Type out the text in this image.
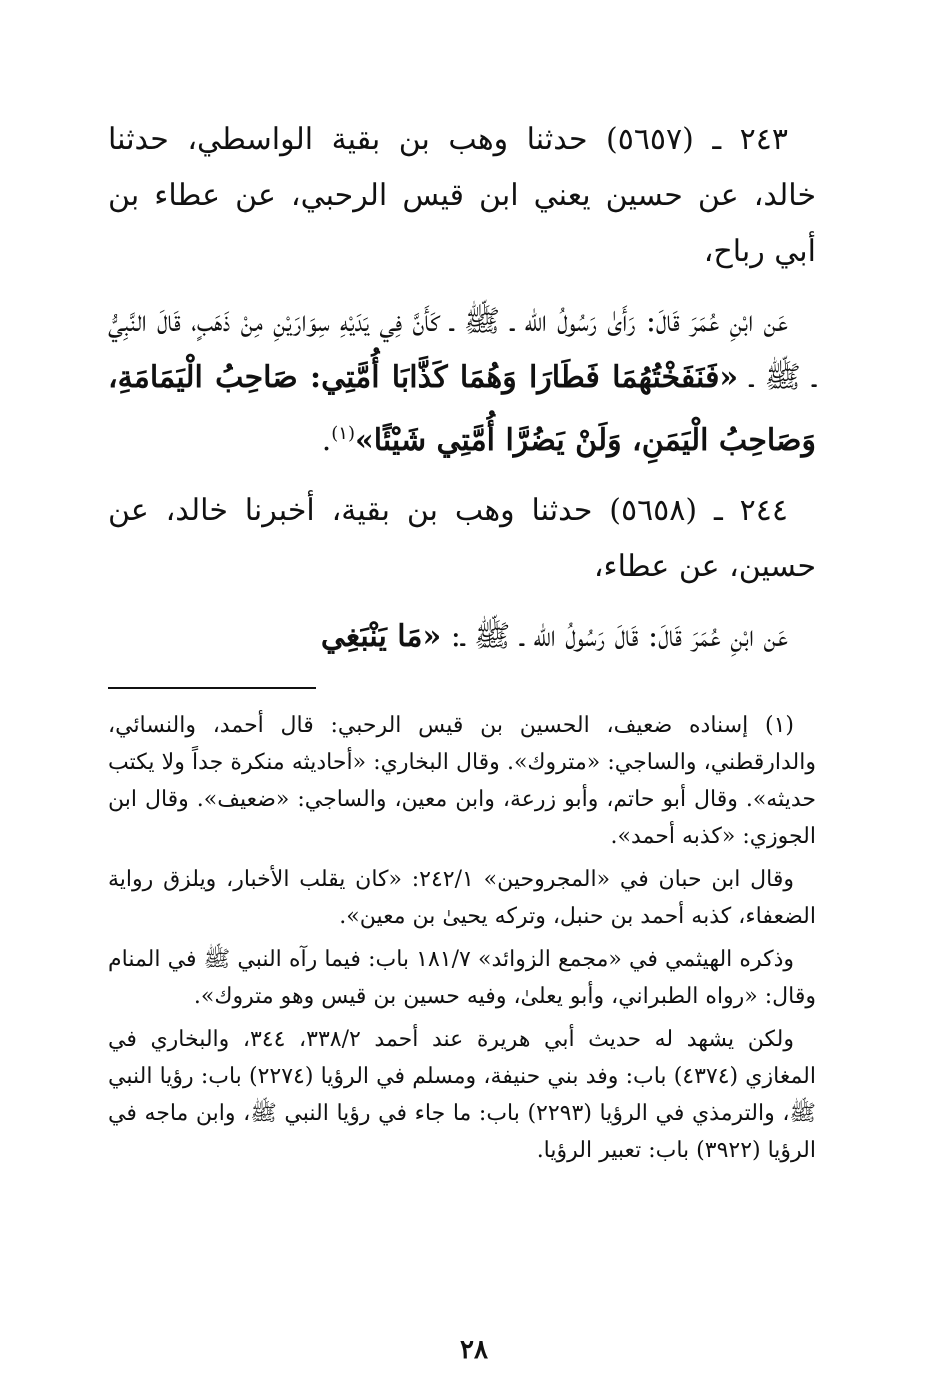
٢٤٣ ـ (٥٦٥٧) حدثنا وهب بن بقية الواسطي، حدثنا خالد، عن حسين يعني ابن قيس الرحبي، عن عطاء بن أبي رباح،

عَن ابْنِ عُمَرَ قَالَ: رَأَىٰ رَسُولُ الله ـ ﷺ ـ كَأَنَّ فِي يَدَيْهِ سِوَارَيْنِ مِنْ ذَهَبٍ، قَالَ النَّبِيُّ ـ ﷺ ـ «فَنَفَخْتُهُمَا فَطَارَا وَهُمَا كَذَّابَا أُمَّتِي: صَاحِبُ الْيَمَامَةِ، وَصَاحِبُ الْيَمَنِ، وَلَنْ يَضُرَّا أُمَّتِي شَيْئًا»$^{(١)}$.

٢٤٤ ـ (٥٦٥٨) حدثنا وهب بن بقية، أخبرنا خالد، عن حسين، عن عطاء،

عَن ابْنِ عُمَرَ قَالَ: قَالَ رَسُولُ الله ـ ﷺ ـ: «مَا يَنْبَغِي

(١) إسناده ضعيف، الحسين بن قيس الرحبي: قال أحمد، والنسائي، والدارقطني، والساجي: «متروك». وقال البخاري: «أحاديثه منكرة جداً ولا يكتب حديثه». وقال أبو حاتم، وأبو زرعة، وابن معين، والساجي: «ضعيف». وقال ابن الجوزي: «كذبه أحمد».

وقال ابن حبان في «المجروحين» ٢٤٢/١: «كان يقلب الأخبار، ويلزق رواية الضعفاء، كذبه أحمد بن حنبل، وتركه يحيىٰ بن معين».

وذكره الهيثمي في «مجمع الزوائد» ١٨١/٧ باب: فيما رآه النبي ﷺ في المنام وقال: «رواه الطبراني، وأبو يعلىٰ، وفيه حسين بن قيس وهو متروك».

ولكن يشهد له حديث أبي هريرة عند أحمد ٣٣٨/٢، ٣٤٤، والبخاري في المغازي (٤٣٧٤) باب: وفد بني حنيفة، ومسلم في الرؤيا (٢٢٧٤) باب: رؤيا النبي ﷺ، والترمذي في الرؤيا (٢٢٩٣) باب: ما جاء في رؤيا النبي ﷺ، وابن ماجه في الرؤيا (٣٩٢٢) باب: تعبير الرؤيا.

٢٨
